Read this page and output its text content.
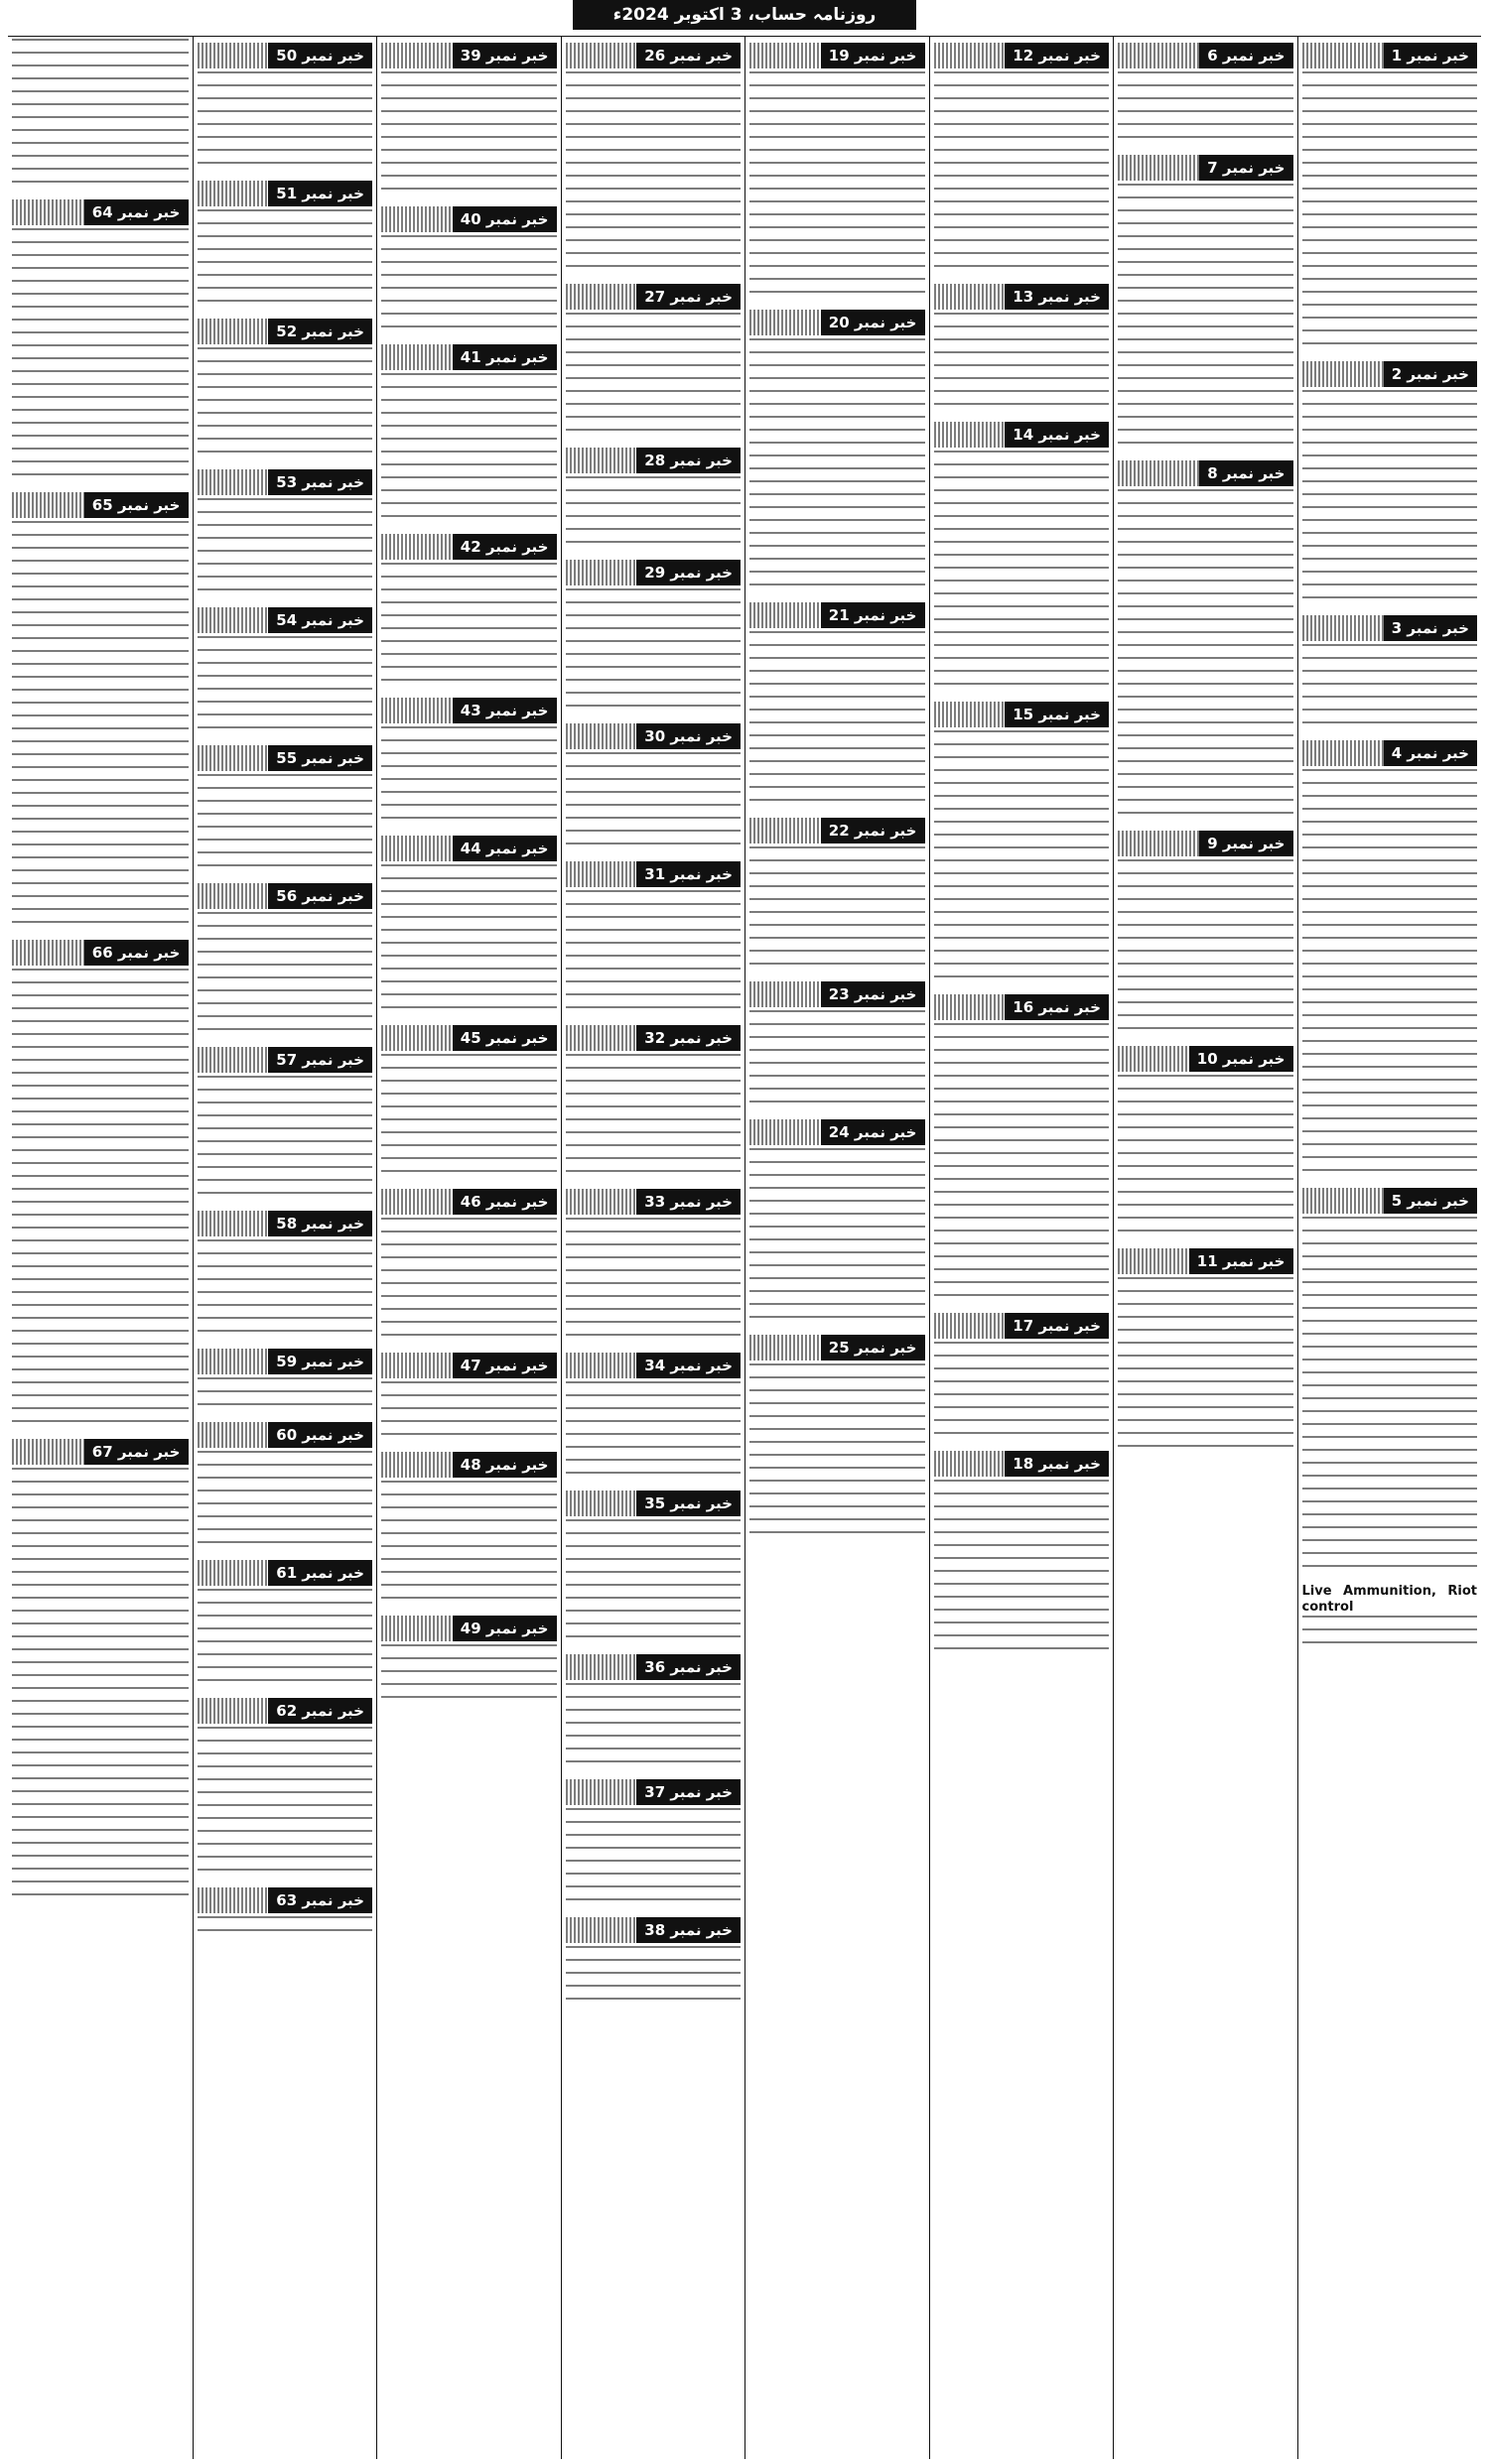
روزنامہ حساب، 3 اکتوبر 2024ء
خبر نمبر 1
خبر نمبر 2
خبر نمبر 3
خبر نمبر 4
خبر نمبر 5

Live Ammunition, Riot control

خبر نمبر 6
خبر نمبر 7
خبر نمبر 8
خبر نمبر 9
خبر نمبر 10
خبر نمبر 11
خبر نمبر 12
خبر نمبر 13
خبر نمبر 14
خبر نمبر 15
خبر نمبر 16
خبر نمبر 17
خبر نمبر 18
خبر نمبر 19
خبر نمبر 20
خبر نمبر 21
خبر نمبر 22
خبر نمبر 23
خبر نمبر 24
خبر نمبر 25
خبر نمبر 26
خبر نمبر 27
خبر نمبر 28
خبر نمبر 29
خبر نمبر 30
خبر نمبر 31
خبر نمبر 32
خبر نمبر 33
خبر نمبر 34
خبر نمبر 35
خبر نمبر 36
خبر نمبر 37
خبر نمبر 38
خبر نمبر 39
خبر نمبر 40
خبر نمبر 41
خبر نمبر 42
خبر نمبر 43
خبر نمبر 44
خبر نمبر 45
خبر نمبر 46
خبر نمبر 47
خبر نمبر 48
خبر نمبر 49
خبر نمبر 50
خبر نمبر 51
خبر نمبر 52
خبر نمبر 53
خبر نمبر 54
خبر نمبر 55
خبر نمبر 56
خبر نمبر 57
خبر نمبر 58
خبر نمبر 59
خبر نمبر 60
خبر نمبر 61
خبر نمبر 62
خبر نمبر 63
خبر نمبر 64
خبر نمبر 65
خبر نمبر 66
خبر نمبر 67
